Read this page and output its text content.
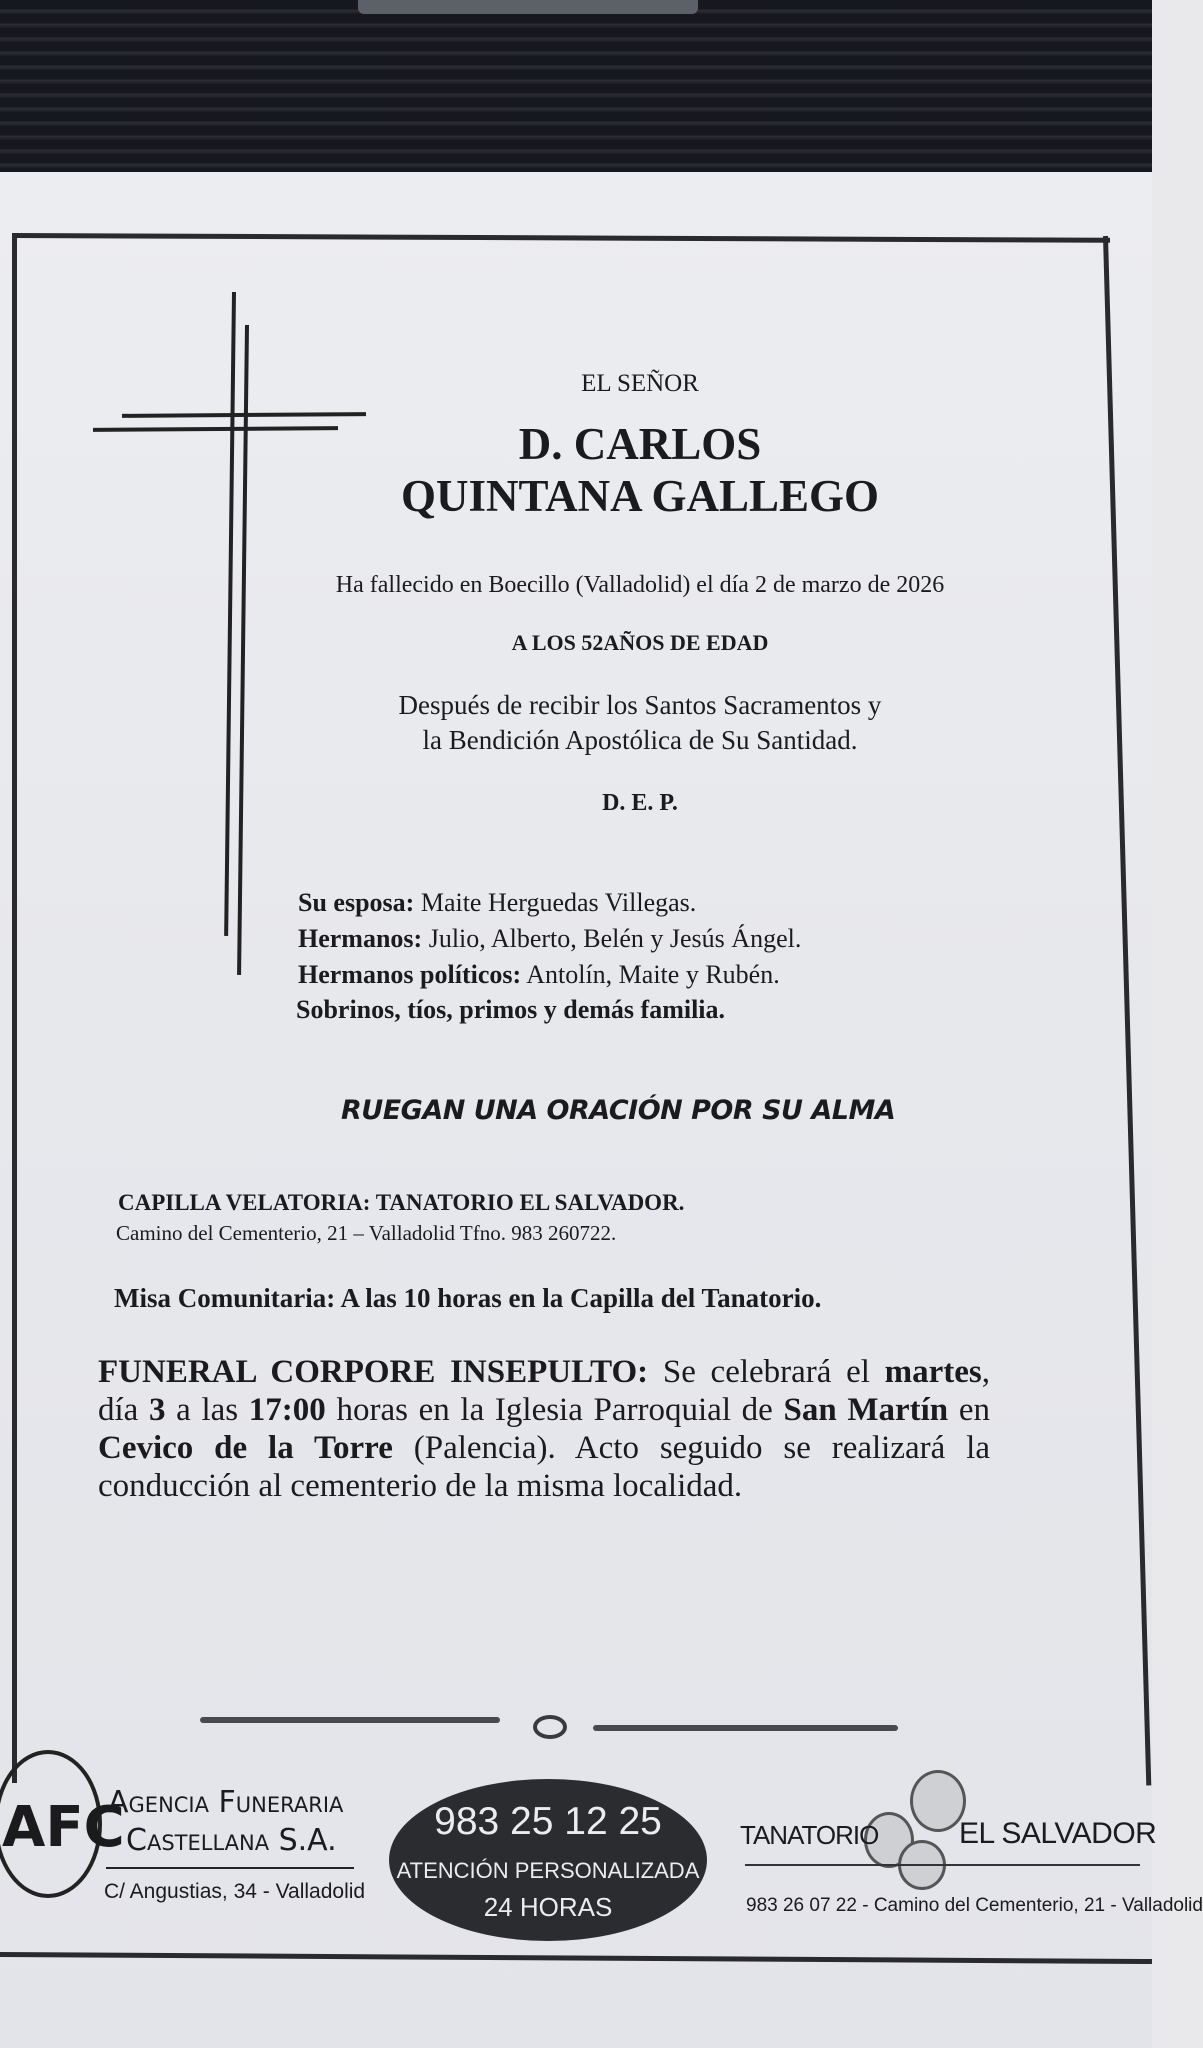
EL SEÑOR
D. CARLOS
QUINTANA GALLEGO
Ha fallecido en Boecillo (Valladolid) el día 2 de marzo de 2026
A LOS 52AÑOS DE EDAD
Después de recibir los Santos Sacramentos y
la Bendición Apostólica de Su Santidad.
D. E. P.
Su esposa: Maite Herguedas Villegas.
Hermanos: Julio, Alberto, Belén y Jesús Ángel.
Hermanos políticos: Antolín, Maite y Rubén.
Sobrinos, tíos, primos y demás familia.
RUEGAN UNA ORACIÓN POR SU ALMA
CAPILLA VELATORIA: TANATORIO EL SALVADOR.
Camino del Cementerio, 21 – Valladolid Tfno. 983 260722.
Misa Comunitaria: A las 10 horas en la Capilla del Tanatorio.
FUNERAL CORPORE INSEPULTO: Se celebrará el martes, día 3 a las 17:00 horas en la Iglesia Parroquial de San Martín en Cevico de la Torre (Palencia). Acto seguido se realizará la conducción al cementerio de la misma localidad.
AFC
Agencia Funeraria
Castellana S.A.
C/ Angustias, 34 - Valladolid
983 25 12 25
ATENCIÓN PERSONALIZADA
24 HORAS
TANATORIO	EL SALVADOR
983 26 07 22 - Camino del Cementerio, 21 - Valladolid
